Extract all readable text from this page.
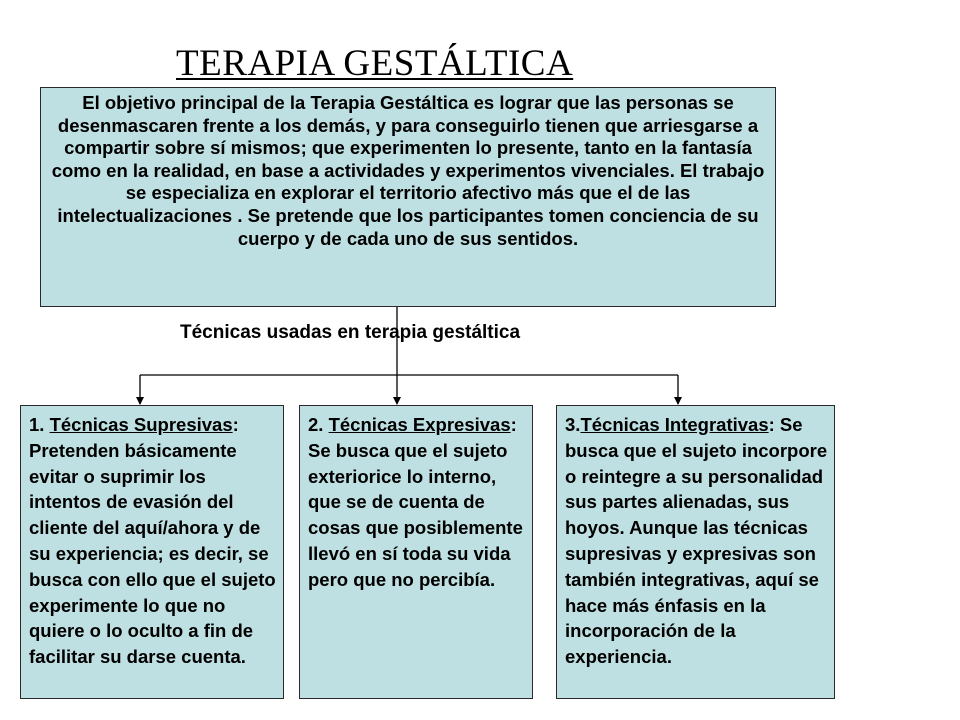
TERAPIA GESTÁLTICA
El objetivo principal de la Terapia Gestáltica es lograr que las personas se desenmascaren frente a los demás, y para conseguirlo tienen que arriesgarse a compartir sobre sí mismos; que experimenten lo presente, tanto en la fantasía como en la realidad, en base a actividades y experimentos vivenciales. El trabajo se especializa en explorar el territorio afectivo más que el de las intelectualizaciones . Se pretende que los participantes tomen conciencia de su cuerpo y de cada uno de sus sentidos.
Técnicas usadas en terapia gestáltica
1. Técnicas Supresivas: Pretenden básicamente evitar o suprimir los intentos de evasión del cliente del aquí/ahora y de su experiencia; es decir, se busca con ello que el sujeto experimente lo que no quiere o lo oculto a fin de facilitar su darse cuenta.
2. Técnicas Expresivas: Se busca que el sujeto exteriorice lo interno, que se de cuenta de cosas que posiblemente llevó en sí toda su vida pero que no percibía.
3.Técnicas Integrativas: Se busca que el sujeto incorpore o reintegre a su personalidad sus partes alienadas, sus hoyos. Aunque las técnicas supresivas y expresivas son también integrativas, aquí se hace más énfasis en la incorporación de la experiencia.
